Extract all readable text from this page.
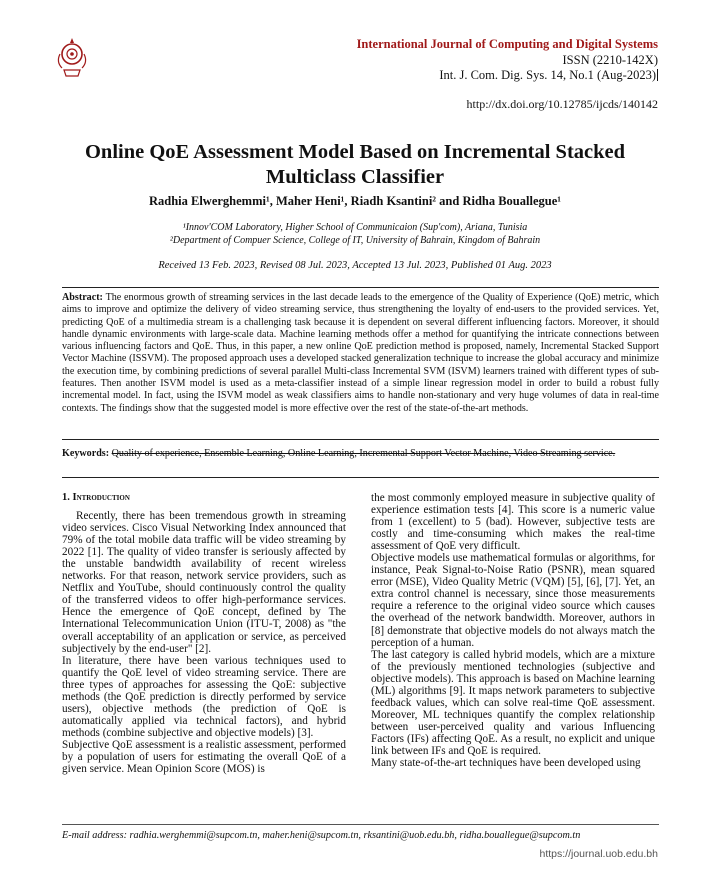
International Journal of Computing and Digital Systems
ISSN (2210-142X)
Int. J. Com. Dig. Sys. 14, No.1 (Aug-2023)
http://dx.doi.org/10.12785/ijcds/140142
Online QoE Assessment Model Based on Incremental Stacked Multiclass Classifier
Radhia Elwerghemmi¹, Maher Heni¹, Riadh Ksantini² and Ridha Bouallegue¹
¹Innov'COM Laboratory, Higher School of Communicaion (Sup'com), Ariana, Tunisia
²Department of Compuer Science, College of IT, University of Bahrain, Kingdom of Bahrain
Received 13 Feb. 2023, Revised 08 Jul. 2023, Accepted 13 Jul. 2023, Published 01 Aug. 2023
Abstract: The enormous growth of streaming services in the last decade leads to the emergence of the Quality of Experience (QoE) metric, which aims to improve and optimize the delivery of video streaming service, thus strengthening the loyalty of end-users to the provided services. Yet, predicting QoE of a multimedia stream is a challenging task because it is dependent on several different influencing factors. Moreover, it should handle dynamic environments with large-scale data. Machine learning methods offer a method for quantifying the intricate connections between various influencing factors and QoE. Thus, in this paper, a new online QoE prediction method is proposed, namely, Incremental Stacked Support Vector Machine (ISSVM). The proposed approach uses a developed stacked generalization technique to increase the global accuracy and minimize the execution time, by combining predictions of several parallel Multi-class Incremental SVM (ISVM) learners trained with different types of sub-features. Then another ISVM model is used as a meta-classifier instead of a simple linear regression model in order to build a robust fully incremental model. In fact, using the ISVM model as weak classifiers aims to handle non-stationary and very huge volumes of data in real-time contexts. The findings show that the suggested model is more effective over the rest of the state-of-the-art methods.
Keywords: Quality of experience, Ensemble Learning, Online Learning, Incremental Support Vector Machine, Video Streaming service.

1. Introduction

Recently, there has been tremendous growth in streaming video services. Cisco Visual Networking Index announced that 79% of the total mobile data traffic will be video streaming by 2022 [1]. The quality of video transfer is seriously affected by the unstable bandwidth availability of recent wireless networks. For that reason, network service providers, such as Netflix and YouTube, should continuously control the quality of the transferred videos to offer high-performance services. Hence the emergence of QoE concept, defined by The International Telecommunication Union (ITU-T, 2008) as "the overall acceptability of an application or service, as perceived subjectively by the end-user" [2].

In literature, there have been various techniques used to quantify the QoE level of video streaming service. There are three types of approaches for assessing the QoE: subjective methods (the QoE prediction is directly performed by service users), objective methods (the prediction of QoE is automatically applied via technical factors), and hybrid methods (combine subjective and objective models) [3].

Subjective QoE assessment is a realistic assessment, performed by a population of users for estimating the overall QoE of a given service. Mean Opinion Score (MOS) is

the most commonly employed measure in subjective quality of experience estimation tests [4]. This score is a numeric value from 1 (excellent) to 5 (bad). However, subjective tests are costly and time-consuming which makes the real-time assessment of QoE very difficult.

Objective models use mathematical formulas or algorithms, for instance, Peak Signal-to-Noise Ratio (PSNR), mean squared error (MSE), Video Quality Metric (VQM) [5], [6], [7]. Yet, an extra control channel is necessary, since those measurements require a reference to the original video source which causes the overhead of the network bandwidth. Moreover, authors in [8] demonstrate that objective models do not always match the perception of a human.

The last category is called hybrid models, which are a mixture of the previously mentioned technologies (subjective and objective models). This approach is based on Machine learning (ML) algorithms [9]. It maps network parameters to subjective feedback values, which can solve real-time QoE assessment. Moreover, ML techniques quantify the complex relationship between user-perceived quality and various Influencing Factors (IFs) affecting QoE. As a result, no explicit and unique link between IFs and QoE is required.

Many state-of-the-art techniques have been developed using

E-mail address: radhia.werghemmi@supcom.tn, maher.heni@supcom.tn, rksantini@uob.edu.bh, ridha.bouallegue@supcom.tn
https://journal.uob.edu.bh
